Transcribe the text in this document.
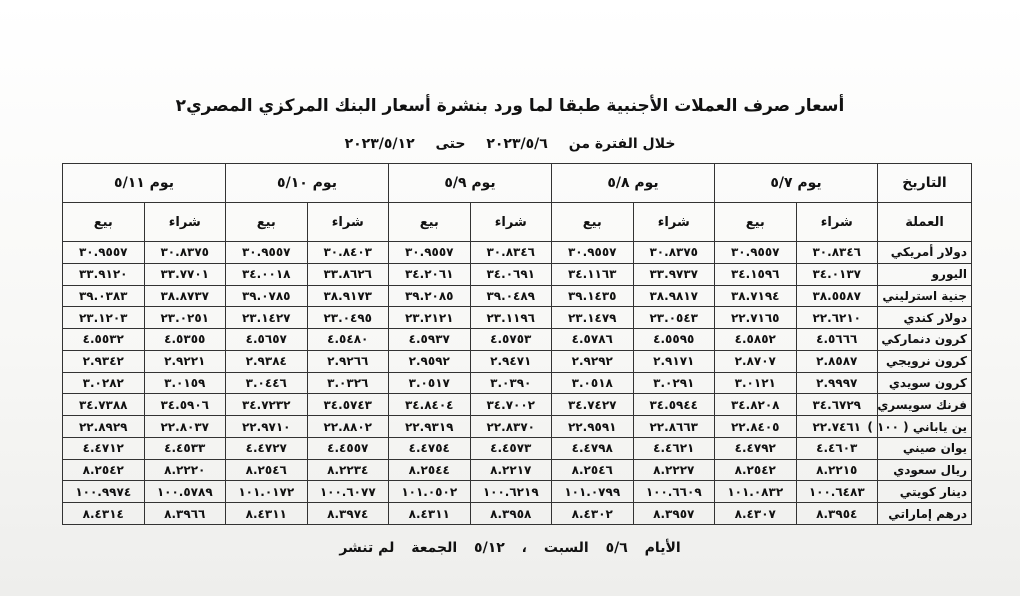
أسعار صرف العملات الأجنبية طبقا لما ورد بنشرة أسعار البنك المركزي المصري٢
خلال الفترة من ٢٠٢٣/٥/٦ حتى ٢٠٢٣/٥/١٢
التاريخ	يوم ٥/٧		يوم ٥/٨		يوم ٥/٩		يوم ٥/١٠		يوم ٥/١١	
العملة	شراء	بيع	شراء	بيع	شراء	بيع	شراء	بيع	شراء	بيع
دولار أمريكي	٣٠.٨٣٤٦	٣٠.٩٥٥٧	٣٠.٨٣٧٥	٣٠.٩٥٥٧	٣٠.٨٣٤٦	٣٠.٩٥٥٧	٣٠.٨٤٠٣	٣٠.٩٥٥٧	٣٠.٨٣٧٥	٣٠.٩٥٥٧
اليورو	٣٤.٠١٣٧	٣٤.١٥٩٦	٣٣.٩٧٣٧	٣٤.١١٦٣	٣٤.٠٦٩١	٣٤.٢٠٦١	٣٣.٨٦٢٦	٣٤.٠٠١٨	٣٣.٧٧٠١	٣٣.٩١٢٠
جنية استرليني	٣٨.٥٥٨٧	٣٨.٧١٩٤	٣٨.٩٨١٧	٣٩.١٤٣٥	٣٩.٠٤٨٩	٣٩.٢٠٨٥	٣٨.٩١٧٣	٣٩.٠٧٨٥	٣٨.٨٧٣٧	٣٩.٠٣٨٣
دولار كندي	٢٢.٦٢١٠	٢٢.٧١٦٥	٢٣.٠٥٤٣	٢٣.١٤٧٩	٢٣.١١٩٦	٢٣.٢١٢١	٢٣.٠٤٩٥	٢٣.١٤٢٧	٢٣.٠٢٥١	٢٣.١٢٠٣
كرون دنماركي	٤.٥٦٦٦	٤.٥٨٥٢	٤.٥٥٩٥	٤.٥٧٨٦	٤.٥٧٥٣	٤.٥٩٣٧	٤.٥٤٨٠	٤.٥٦٥٧	٤.٥٣٥٥	٤.٥٥٣٢
كرون نرويجي	٢.٨٥٨٧	٢.٨٧٠٧	٢.٩١٧١	٢.٩٢٩٢	٢.٩٤٧١	٢.٩٥٩٢	٢.٩٢٦٦	٢.٩٣٨٤	٢.٩٢٢١	٢.٩٣٤٢
كرون سويدي	٢.٩٩٩٧	٣.٠١٢١	٣.٠٢٩١	٣.٠٥١٨	٣.٠٣٩٠	٣.٠٥١٧	٣.٠٣٢٦	٣.٠٤٤٦	٣.٠١٥٩	٣.٠٢٨٢
فرنك سويسري	٣٤.٦٧٢٩	٣٤.٨٢٠٨	٣٤.٥٩٤٤	٣٤.٧٤٢٧	٣٤.٧٠٠٢	٣٤.٨٤٠٤	٣٤.٥٧٤٣	٣٤.٧٢٣٢	٣٤.٥٩٠٦	٣٤.٧٣٨٨
ين ياباني ( ١٠٠ )	٢٢.٧٤٦١	٢٢.٨٤٠٥	٢٢.٨٦٦٣	٢٢.٩٥٩١	٢٢.٨٣٧٠	٢٢.٩٣١٩	٢٢.٨٨٠٢	٢٢.٩٧١٠	٢٢.٨٠٣٧	٢٢.٨٩٢٩
يوان صيني	٤.٤٦٠٣	٤.٤٧٩٢	٤.٤٦٢١	٤.٤٧٩٨	٤.٤٥٧٣	٤.٤٧٥٤	٤.٤٥٥٧	٤.٤٧٢٧	٤.٤٥٣٣	٤.٤٧١٢
ريال سعودي	٨.٢٢١٥	٨.٢٥٤٢	٨.٢٢٢٧	٨.٢٥٤٦	٨.٢٢١٧	٨.٢٥٤٤	٨.٢٢٣٤	٨.٢٥٤٦	٨.٢٢٢٠	٨.٢٥٤٢
دينار كويتي	١٠٠.٦٤٨٣	١٠١.٠٨٣٢	١٠٠.٦٦٠٩	١٠١.٠٧٩٩	١٠٠.٦٢١٩	١٠١.٠٥٠٢	١٠٠.٦٠٧٧	١٠١.٠١٧٢	١٠٠.٥٧٨٩	١٠٠.٩٩٧٤
درهم إماراتي	٨.٣٩٥٤	٨.٤٣٠٧	٨.٣٩٥٧	٨.٤٣٠٢	٨.٣٩٥٨	٨.٤٣١١	٨.٣٩٧٤	٨.٤٣١١	٨.٣٩٦٦	٨.٤٣١٤
الأيام ٥/٦ السبت ، ٥/١٢ الجمعة لم تنشر
